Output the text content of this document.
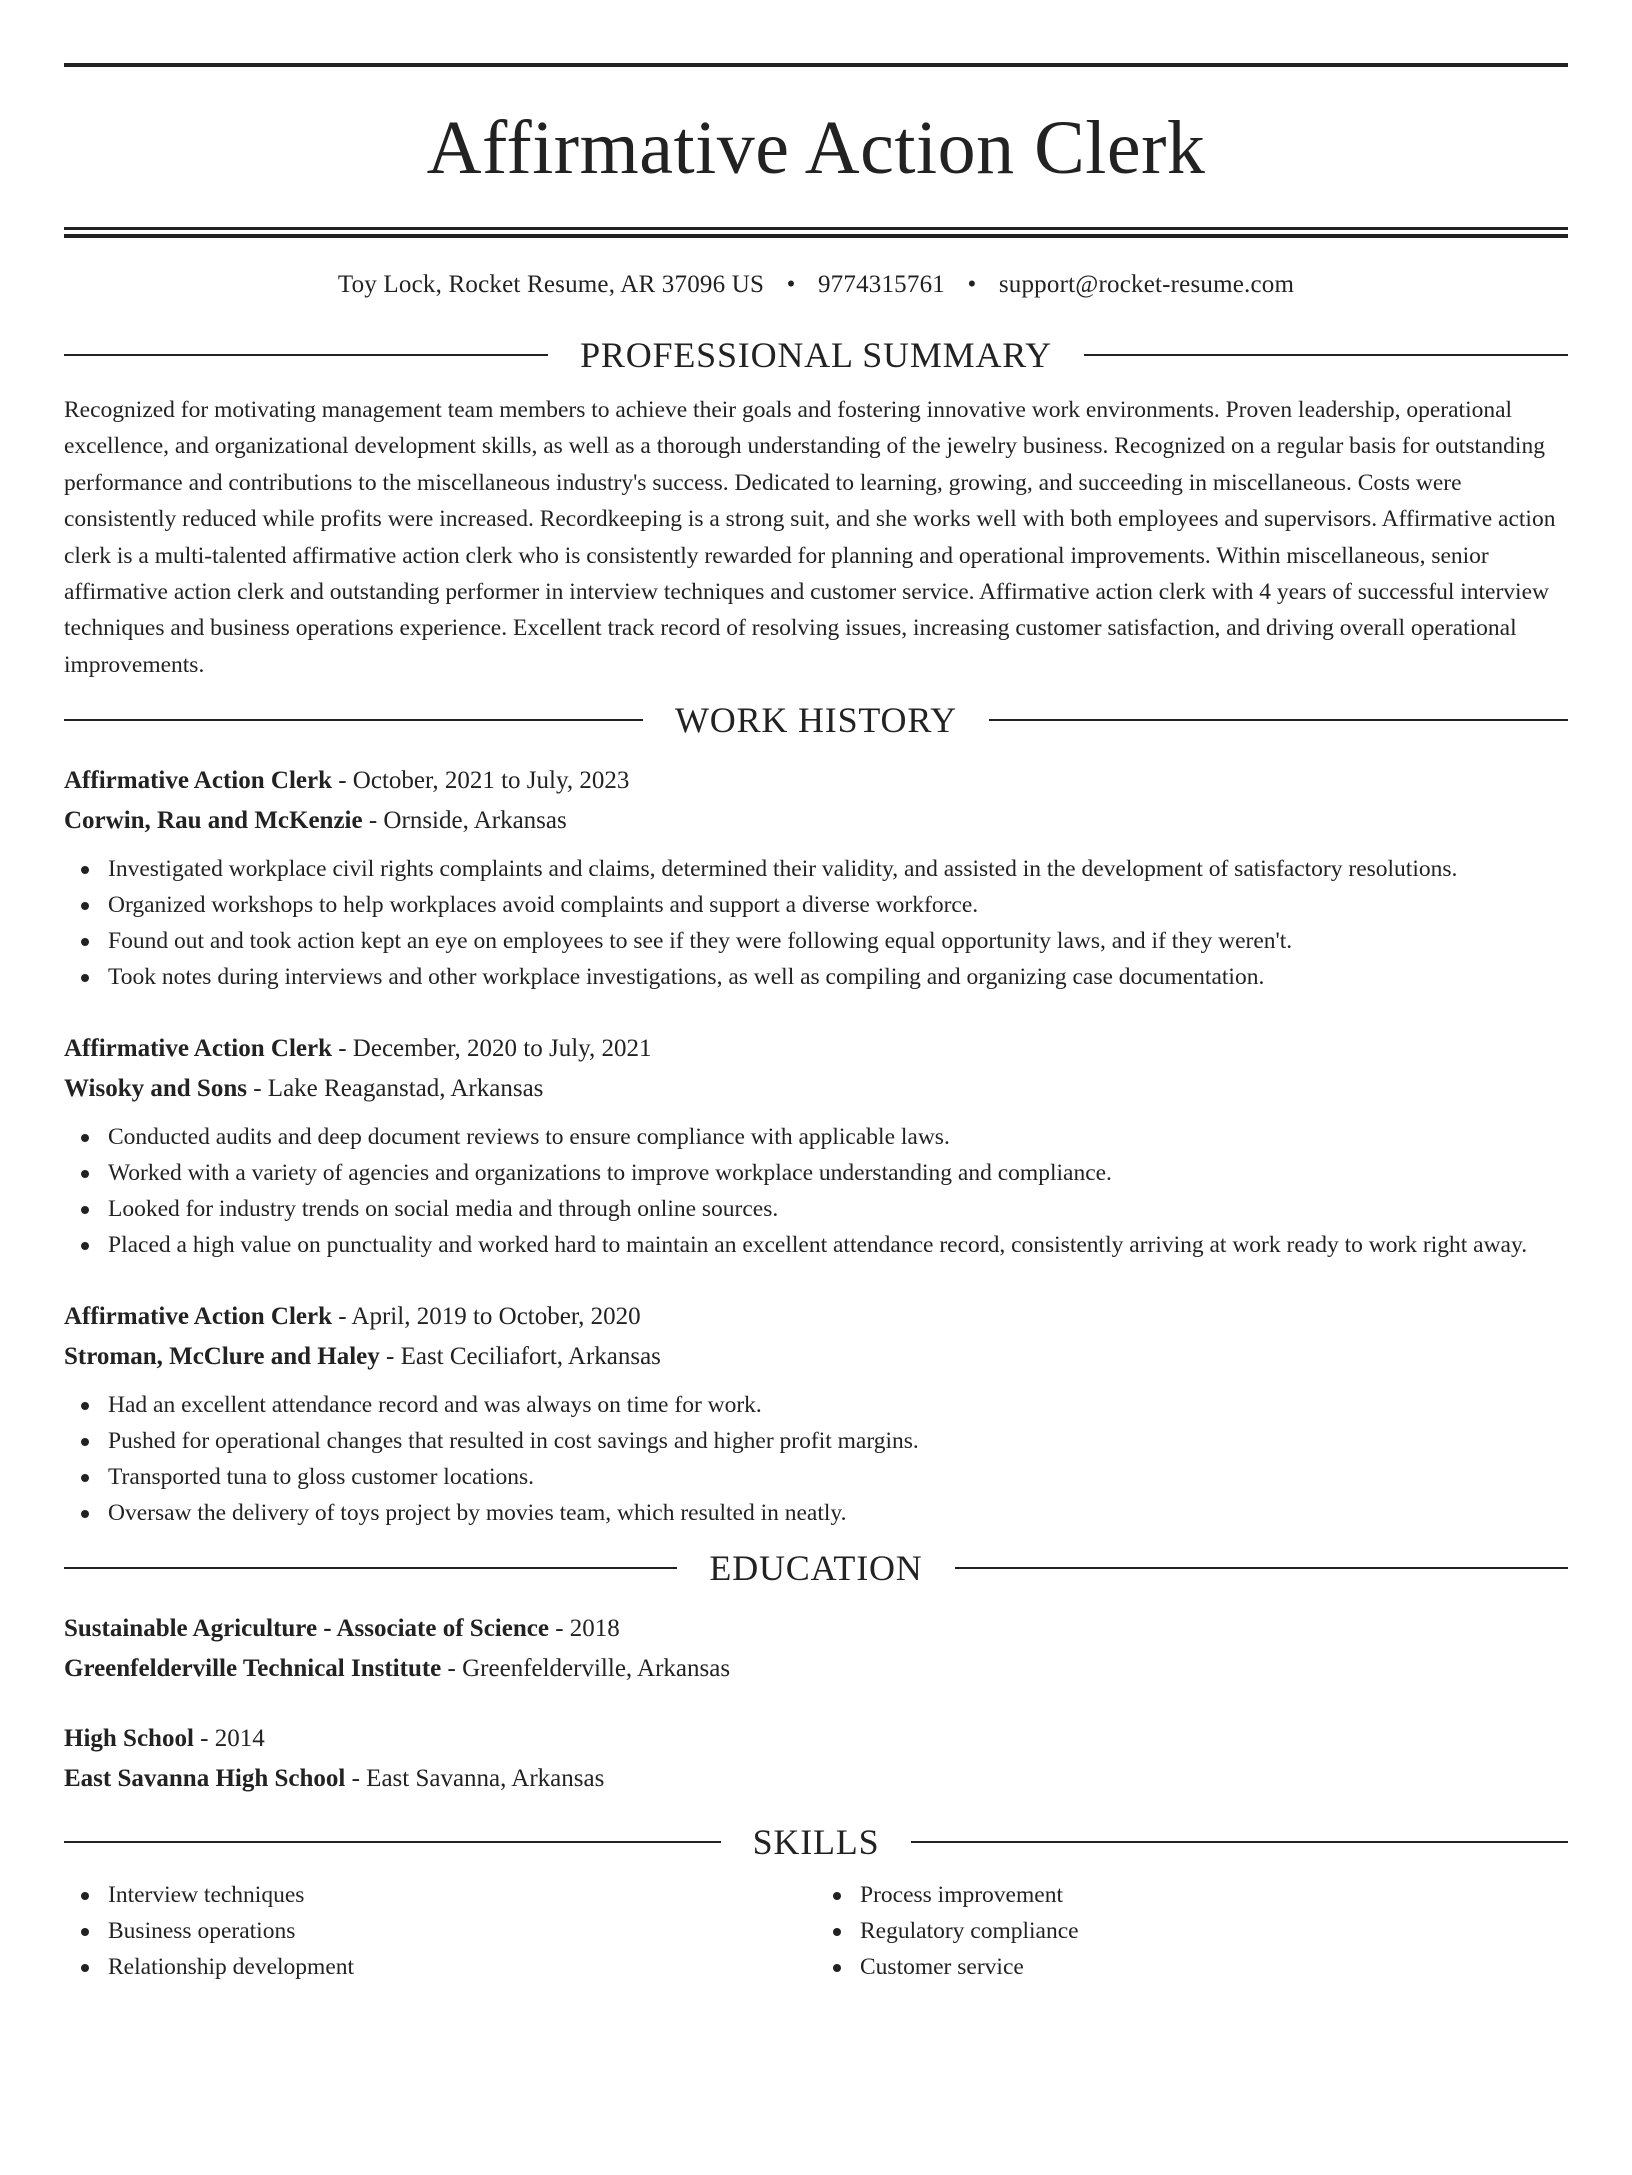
Affirmative Action Clerk
Toy Lock, Rocket Resume, AR 37096 US • 9774315761 • support@rocket-resume.com
PROFESSIONAL SUMMARY

Recognized for motivating management team members to achieve their goals and fostering innovative work environments. Proven leadership, operational excellence, and organizational development skills, as well as a thorough understanding of the jewelry business. Recognized on a regular basis for outstanding performance and contributions to the miscellaneous industry's success. Dedicated to learning, growing, and succeeding in miscellaneous. Costs were consistently reduced while profits were increased. Recordkeeping is a strong suit, and she works well with both employees and supervisors. Affirmative action clerk is a multi-talented affirmative action clerk who is consistently rewarded for planning and operational improvements. Within miscellaneous, senior affirmative action clerk and outstanding performer in interview techniques and customer service. Affirmative action clerk with 4 years of successful interview techniques and business operations experience. Excellent track record of resolving issues, increasing customer satisfaction, and driving overall operational improvements.

WORK HISTORY
Affirmative Action Clerk - October, 2021 to July, 2023
Corwin, Rau and McKenzie - Ornside, Arkansas
Investigated workplace civil rights complaints and claims, determined their validity, and assisted in the development of satisfactory resolutions.
Organized workshops to help workplaces avoid complaints and support a diverse workforce.
Found out and took action kept an eye on employees to see if they were following equal opportunity laws, and if they weren't.
Took notes during interviews and other workplace investigations, as well as compiling and organizing case documentation.
Affirmative Action Clerk - December, 2020 to July, 2021
Wisoky and Sons - Lake Reaganstad, Arkansas
Conducted audits and deep document reviews to ensure compliance with applicable laws.
Worked with a variety of agencies and organizations to improve workplace understanding and compliance.
Looked for industry trends on social media and through online sources.
Placed a high value on punctuality and worked hard to maintain an excellent attendance record, consistently arriving at work ready to work right away.
Affirmative Action Clerk - April, 2019 to October, 2020
Stroman, McClure and Haley - East Ceciliafort, Arkansas
Had an excellent attendance record and was always on time for work.
Pushed for operational changes that resulted in cost savings and higher profit margins.
Transported tuna to gloss customer locations.
Oversaw the delivery of toys project by movies team, which resulted in neatly.
EDUCATION
Sustainable Agriculture - Associate of Science - 2018
Greenfelderville Technical Institute - Greenfelderville, Arkansas
High School - 2014
East Savanna High School - East Savanna, Arkansas
SKILLS
Interview techniques
Business operations
Relationship development
Process improvement
Regulatory compliance
Customer service
